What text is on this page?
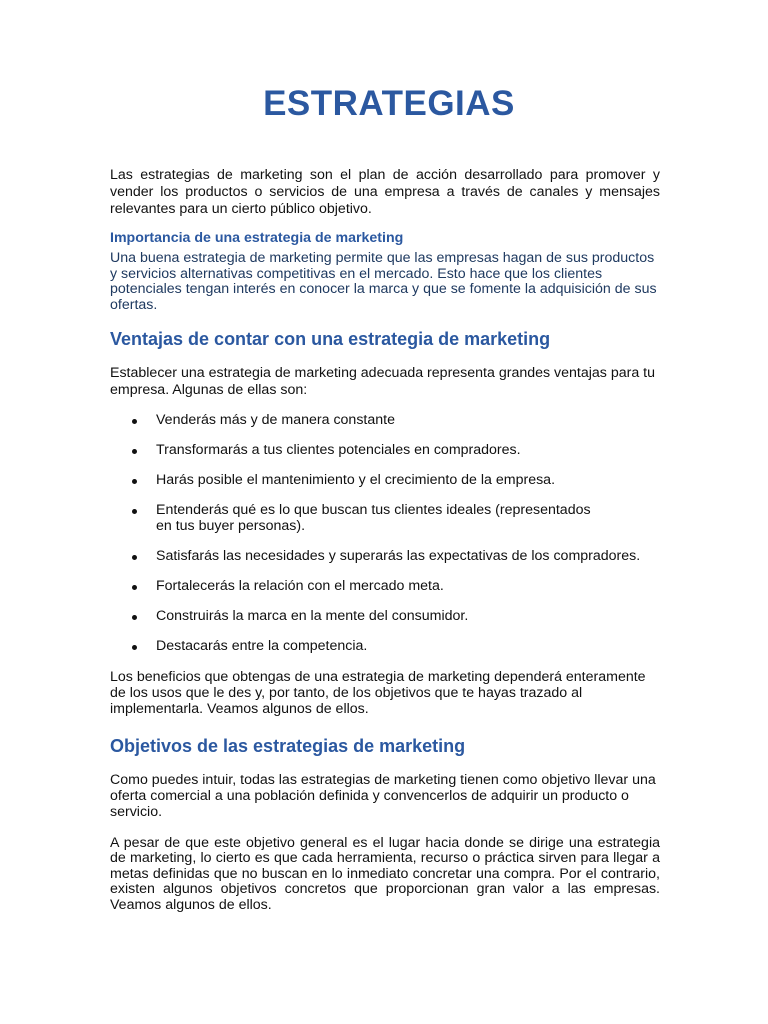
ESTRATEGIAS

Las estrategias de marketing son el plan de acción desarrollado para promover y vender los productos o servicios de una empresa a través de canales y mensajes relevantes para un cierto público objetivo.

Importancia de una estrategia de marketing

Una buena estrategia de marketing permite que las empresas hagan de sus productos y servicios alternativas competitivas en el mercado. Esto hace que los clientes potenciales tengan interés en conocer la marca y que se fomente la adquisición de sus ofertas.

Ventajas de contar con una estrategia de marketing

Establecer una estrategia de marketing adecuada representa grandes ventajas para tu empresa. Algunas de ellas son:

Venderás más y de manera constante
Transformarás a tus clientes potenciales en compradores.
Harás posible el mantenimiento y el crecimiento de la empresa.
Entenderás qué es lo que buscan tus clientes ideales (representados en tus buyer personas).
Satisfarás las necesidades y superarás las expectativas de los compradores.
Fortalecerás la relación con el mercado meta.
Construirás la marca en la mente del consumidor.
Destacarás entre la competencia.

Los beneficios que obtengas de una estrategia de marketing dependerá enteramente de los usos que le des y, por tanto, de los objetivos que te hayas trazado al implementarla. Veamos algunos de ellos.

Objetivos de las estrategias de marketing

Como puedes intuir, todas las estrategias de marketing tienen como objetivo llevar una oferta comercial a una población definida y convencerlos de adquirir un producto o servicio.

A pesar de que este objetivo general es el lugar hacia donde se dirige una estrategia de marketing, lo cierto es que cada herramienta, recurso o práctica sirven para llegar a metas definidas que no buscan en lo inmediato concretar una compra. Por el contrario, existen algunos objetivos concretos que proporcionan gran valor a las empresas. Veamos algunos de ellos.
